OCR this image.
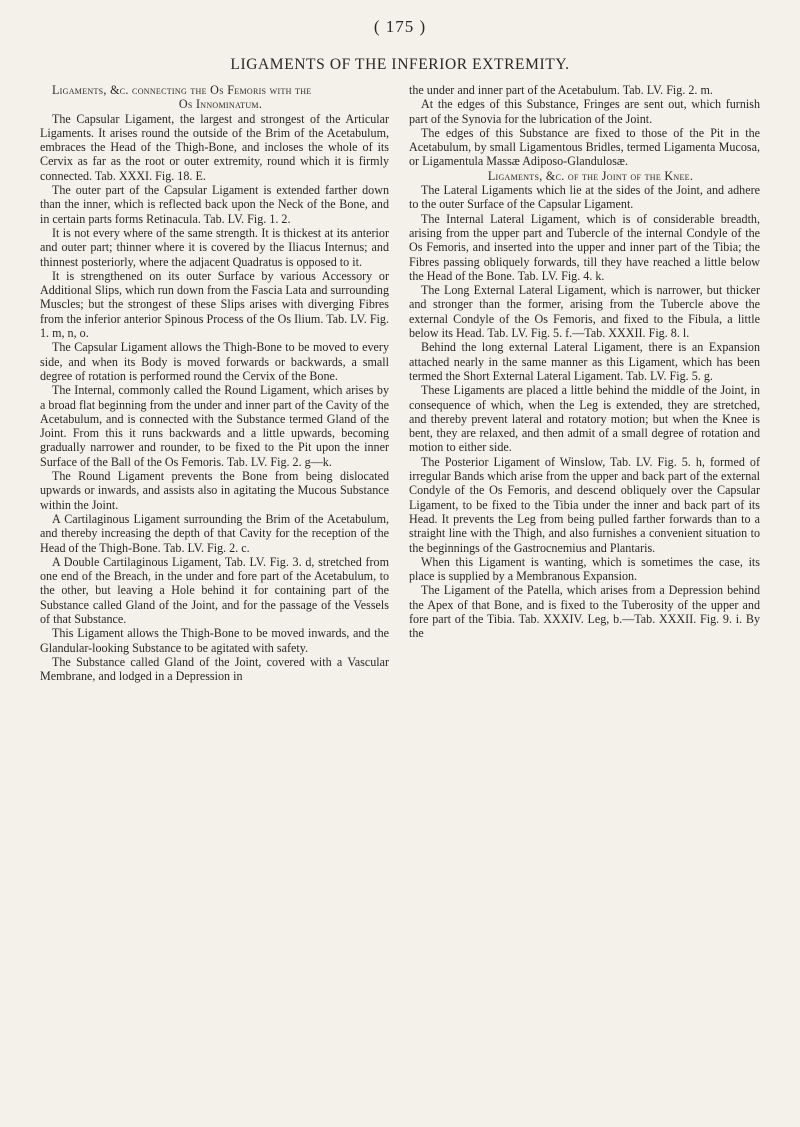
( 175 )
LIGAMENTS OF THE INFERIOR EXTREMITY.

Ligaments, &c. connecting the Os Femoris with the

Os Innominatum.

The Capsular Ligament, the largest and strongest of the Articular Ligaments. It arises round the outside of the Brim of the Acetabulum, embraces the Head of the Thigh-Bone, and incloses the whole of its Cervix as far as the root or outer extremity, round which it is firmly connected. Tab. XXXI. Fig. 18. E.

The outer part of the Capsular Ligament is extended farther down than the inner, which is reflected back upon the Neck of the Bone, and in certain parts forms Retinacula. Tab. LV. Fig. 1. 2.

It is not every where of the same strength. It is thickest at its anterior and outer part; thinner where it is covered by the Iliacus Internus; and thinnest posteriorly, where the adjacent Quadratus is opposed to it.

It is strengthened on its outer Surface by various Accessory or Additional Slips, which run down from the Fascia Lata and surrounding Muscles; but the strongest of these Slips arises with diverging Fibres from the inferior anterior Spinous Process of the Os Ilium. Tab. LV. Fig. 1. m, n, o.

The Capsular Ligament allows the Thigh-Bone to be moved to every side, and when its Body is moved forwards or backwards, a small degree of rotation is performed round the Cervix of the Bone.

The Internal, commonly called the Round Ligament, which arises by a broad flat beginning from the under and inner part of the Cavity of the Acetabulum, and is connected with the Substance termed Gland of the Joint. From this it runs backwards and a little upwards, becoming gradually narrower and rounder, to be fixed to the Pit upon the inner Surface of the Ball of the Os Femoris. Tab. LV. Fig. 2. g—k.

The Round Ligament prevents the Bone from being dislocated upwards or inwards, and assists also in agitating the Mucous Substance within the Joint.

A Cartilaginous Ligament surrounding the Brim of the Acetabulum, and thereby increasing the depth of that Cavity for the reception of the Head of the Thigh-Bone. Tab. LV. Fig. 2. c.

A Double Cartilaginous Ligament, Tab. LV. Fig. 3. d, stretched from one end of the Breach, in the under and fore part of the Acetabulum, to the other, but leaving a Hole behind it for containing part of the Substance called Gland of the Joint, and for the passage of the Vessels of that Substance.

This Ligament allows the Thigh-Bone to be moved inwards, and the Glandular-looking Substance to be agitated with safety.

The Substance called Gland of the Joint, covered with a Vascular Membrane, and lodged in a Depression in

the under and inner part of the Acetabulum. Tab. LV. Fig. 2. m.

At the edges of this Substance, Fringes are sent out, which furnish part of the Synovia for the lubrication of the Joint.

The edges of this Substance are fixed to those of the Pit in the Acetabulum, by small Ligamentous Bridles, termed Ligamenta Mucosa, or Ligamentula Massæ Adiposo-Glandulosæ.

Ligaments, &c. of the Joint of the Knee.

The Lateral Ligaments which lie at the sides of the Joint, and adhere to the outer Surface of the Capsular Ligament.

The Internal Lateral Ligament, which is of considerable breadth, arising from the upper part and Tubercle of the internal Condyle of the Os Femoris, and inserted into the upper and inner part of the Tibia; the Fibres passing obliquely forwards, till they have reached a little below the Head of the Bone. Tab. LV. Fig. 4. k.

The Long External Lateral Ligament, which is narrower, but thicker and stronger than the former, arising from the Tubercle above the external Condyle of the Os Femoris, and fixed to the Fibula, a little below its Head. Tab. LV. Fig. 5. f.—Tab. XXXII. Fig. 8. l.

Behind the long external Lateral Ligament, there is an Expansion attached nearly in the same manner as this Ligament, which has been termed the Short External Lateral Ligament. Tab. LV. Fig. 5. g.

These Ligaments are placed a little behind the middle of the Joint, in consequence of which, when the Leg is extended, they are stretched, and thereby prevent lateral and rotatory motion; but when the Knee is bent, they are relaxed, and then admit of a small degree of rotation and motion to either side.

The Posterior Ligament of Winslow, Tab. LV. Fig. 5. h, formed of irregular Bands which arise from the upper and back part of the external Condyle of the Os Femoris, and descend obliquely over the Capsular Ligament, to be fixed to the Tibia under the inner and back part of its Head. It prevents the Leg from being pulled farther forwards than to a straight line with the Thigh, and also furnishes a convenient situation to the beginnings of the Gastrocnemius and Plantaris.

When this Ligament is wanting, which is sometimes the case, its place is supplied by a Membranous Expansion.

The Ligament of the Patella, which arises from a Depression behind the Apex of that Bone, and is fixed to the Tuberosity of the upper and fore part of the Tibia. Tab. XXXIV. Leg, b.—Tab. XXXII. Fig. 9. i. By the
